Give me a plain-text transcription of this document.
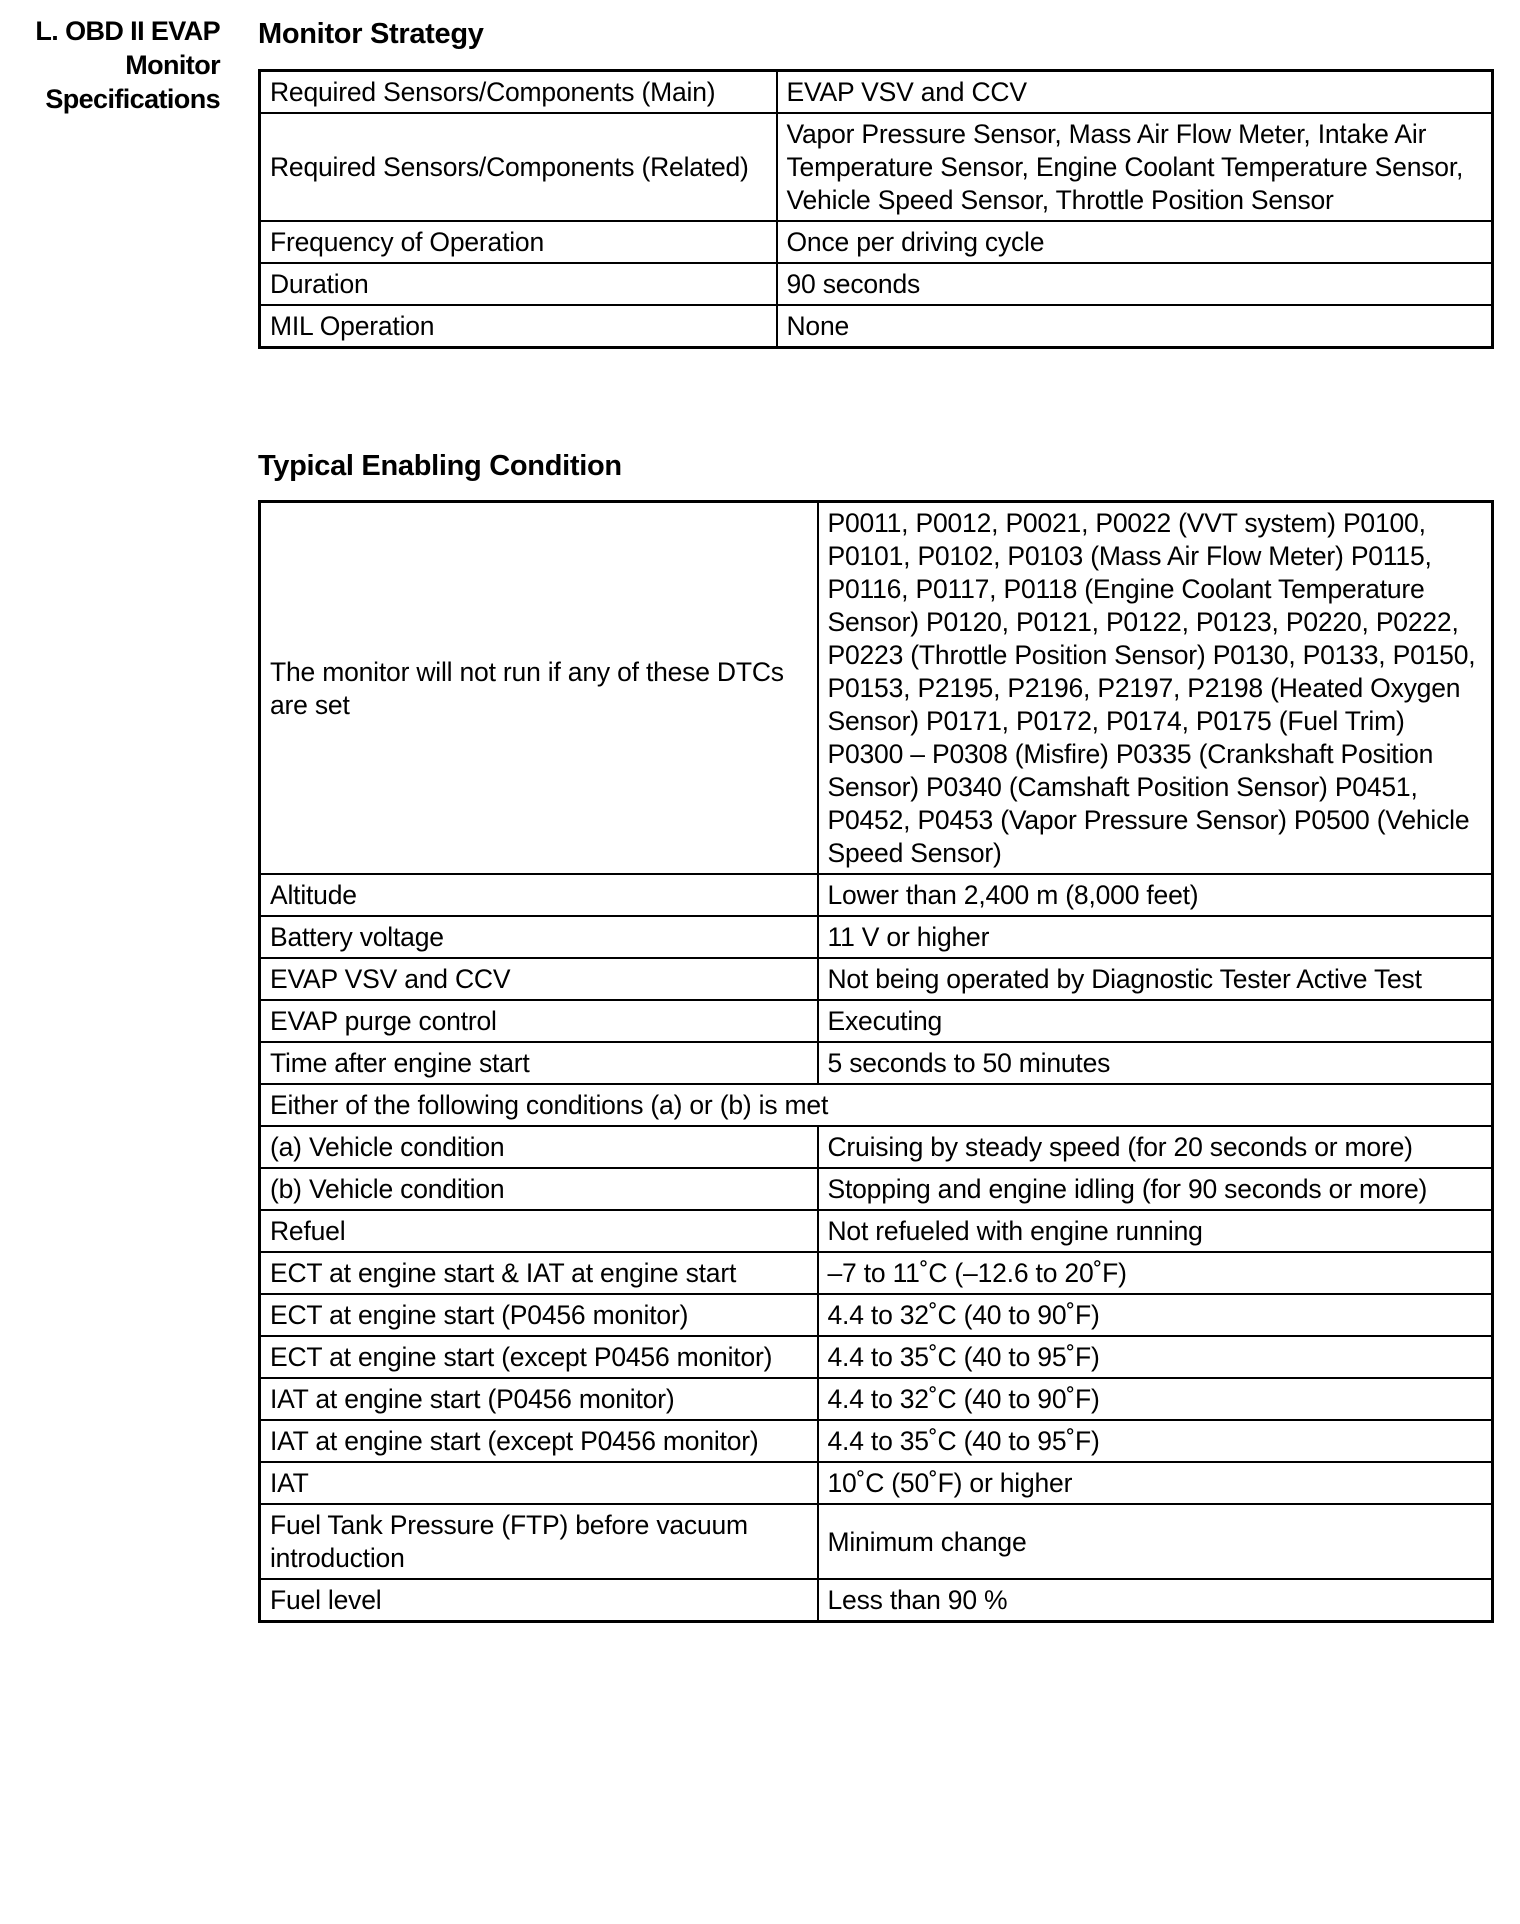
L. OBD II EVAP
Monitor
Specifications
Monitor Strategy
Required Sensors/Components (Main)	EVAP VSV and CCV
Required Sensors/Components (Related)	Vapor Pressure Sensor, Mass Air Flow Meter, Intake Air Temperature Sensor, Engine Coolant Temperature Sensor, Vehicle Speed Sensor, Throttle Position Sensor
Frequency of Operation	Once per driving cycle
Duration	90 seconds
MIL Operation	None
Typical Enabling Condition
The monitor will not run if any of these DTCs are set	P0011, P0012, P0021, P0022 (VVT system) P0100, P0101, P0102, P0103 (Mass Air Flow Meter) P0115, P0116, P0117, P0118 (Engine Coolant Temperature Sensor) P0120, P0121, P0122, P0123, P0220, P0222, P0223 (Throttle Position Sensor) P0130, P0133, P0150, P0153, P2195, P2196, P2197, P2198 (Heated Oxygen Sensor) P0171, P0172, P0174, P0175 (Fuel Trim) P0300 – P0308 (Misfire) P0335 (Crankshaft Position Sensor) P0340 (Camshaft Position Sensor) P0451, P0452, P0453 (Vapor Pressure Sensor) P0500 (Vehicle Speed Sensor)
Altitude	Lower than 2,400 m (8,000 feet)
Battery voltage	11 V or higher
EVAP VSV and CCV	Not being operated by Diagnostic Tester Active Test
EVAP purge control	Executing
Time after engine start	5 seconds to 50 minutes
Either of the following conditions (a) or (b) is met	
(a) Vehicle condition	Cruising by steady speed (for 20 seconds or more)
(b) Vehicle condition	Stopping and engine idling (for 90 seconds or more)
Refuel	Not refueled with engine running
ECT at engine start & IAT at engine start	–7 to 11˚C (–12.6 to 20˚F)
ECT at engine start (P0456 monitor)	4.4 to 32˚C (40 to 90˚F)
ECT at engine start (except P0456 monitor)	4.4 to 35˚C (40 to 95˚F)
IAT at engine start (P0456 monitor)	4.4 to 32˚C (40 to 90˚F)
IAT at engine start (except P0456 monitor)	4.4 to 35˚C (40 to 95˚F)
IAT	10˚C (50˚F) or higher
Fuel Tank Pressure (FTP) before vacuum introduction	Minimum change
Fuel level	Less than 90 %
